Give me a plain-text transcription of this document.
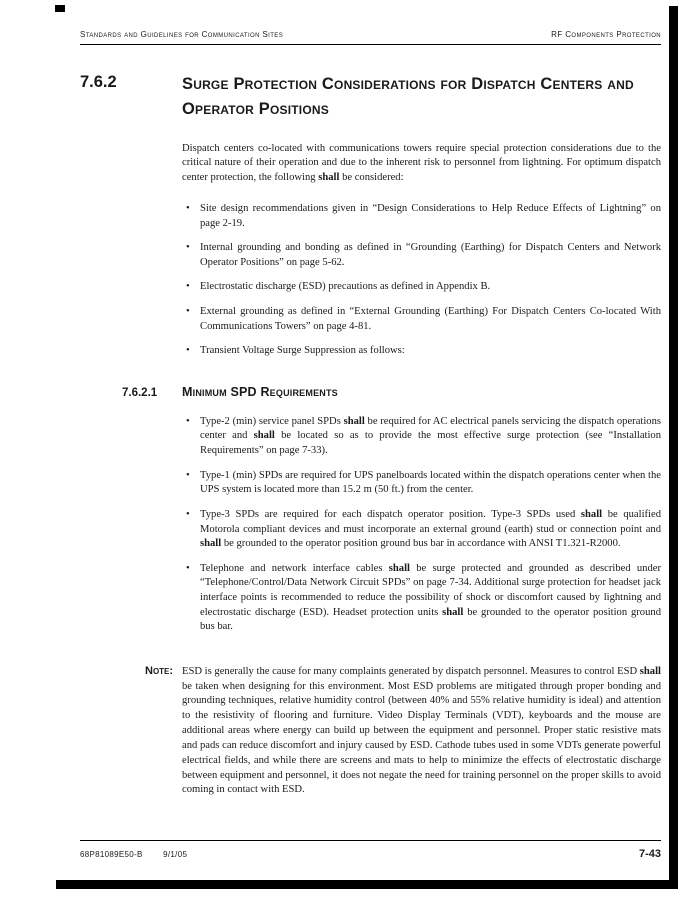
Standards and Guidelines for Communication Sites	RF Components Protection
7.6.2	Surge Protection Considerations for Dispatch Centers and Operator Positions
Dispatch centers co-located with communications towers require special protection considerations due to the critical nature of their operation and due to the inherent risk to personnel from lightning. For optimum dispatch center protection, the following shall be considered:
• Site design recommendations given in “Design Considerations to Help Reduce Effects of Lightning” on page 2-19.
• Internal grounding and bonding as defined in “Grounding (Earthing) for Dispatch Centers and Network Operator Positions” on page 5-62.
• Electrostatic discharge (ESD) precautions as defined in Appendix B.
• External grounding as defined in “External Grounding (Earthing) For Dispatch Centers Co-located With Communications Towers” on page 4-81.
• Transient Voltage Surge Suppression as follows:
7.6.2.1	Minimum SPD Requirements
• Type-2 (min) service panel SPDs shall be required for AC electrical panels servicing the dispatch operations center and shall be located so as to provide the most effective surge protection (see “Installation Requirements” on page 7-33).
• Type-1 (min) SPDs are required for UPS panelboards located within the dispatch operations center when the UPS system is located more than 15.2 m (50 ft.) from the center.
• Type-3 SPDs are required for each dispatch operator position. Type-3 SPDs used shall be qualified Motorola compliant devices and must incorporate an external ground (earth) stud or connection point and shall be grounded to the operator position ground bus bar in accordance with ANSI T1.321-R2000.
• Telephone and network interface cables shall be surge protected and grounded as described under “Telephone/Control/Data Network Circuit SPDs” on page 7-34. Additional surge protection for headset jack interface points is recommended to reduce the possibility of shock or discomfort caused by lightning and electrostatic discharge (ESD). Headset protection units shall be grounded to the operator position ground bus bar.
Note: ESD is generally the cause for many complaints generated by dispatch personnel. Measures to control ESD shall be taken when designing for this environment. Most ESD problems are mitigated through proper bonding and grounding techniques, relative humidity control (between 40% and 55% relative humidity is ideal) and attention to the resistivity of flooring and furniture. Video Display Terminals (VDT), keyboards and the mouse are additional areas where energy can build up between the equipment and personnel. Proper static resistive mats and pads can reduce discomfort and injury caused by ESD. Cathode tubes used in some VDTs generate powerful electrical fields, and while there are screens and mats to help to minimize the effects of electrostatic discharge between equipment and personnel, it does not negate the need for training personnel on the proper skills to avoid coming in contact with ESD.
68P81089E50-B	9/1/05	7-43
